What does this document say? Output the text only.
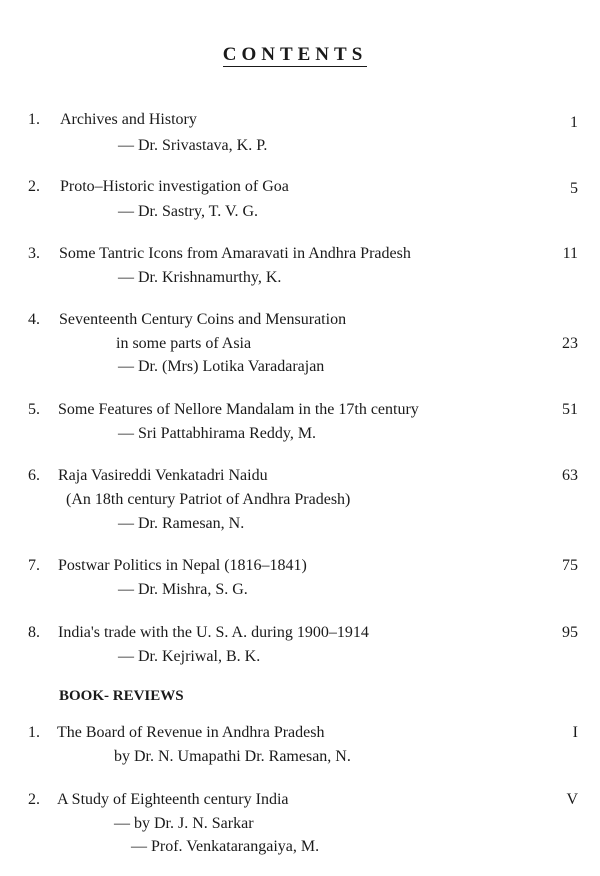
CONTENTS
1. Archives and History
— Dr. Srivastava, K. P.
1
2. Proto–Historic investigation of Goa
— Dr. Sastry, T. V. G.
5
3. Some Tantric Icons from Amaravati in Andhra Pradesh
— Dr. Krishnamurthy, K.
11
4. Seventeenth Century Coins and Mensuration
in some parts of Asia
— Dr. (Mrs) Lotika Varadarajan
23
5. Some Features of Nellore Mandalam in the 17th century
— Sri Pattabhirama Reddy, M.
51
6. Raja Vasireddi Venkatadri Naidu
(An 18th century Patriot of Andhra Pradesh)
— Dr. Ramesan, N.
63
7. Postwar Politics in Nepal (1816–1841)
— Dr. Mishra, S. G.
75
8. India's trade with the U. S. A. during 1900–1914
— Dr. Kejriwal, B. K.
95
BOOK- REVIEWS
1. The Board of Revenue in Andhra Pradesh
by Dr. N. Umapathi Dr. Ramesan, N.
I
2. A Study of Eighteenth century India
— by Dr. J. N. Sarkar
— Prof. Venkatarangaiya, M.
V
